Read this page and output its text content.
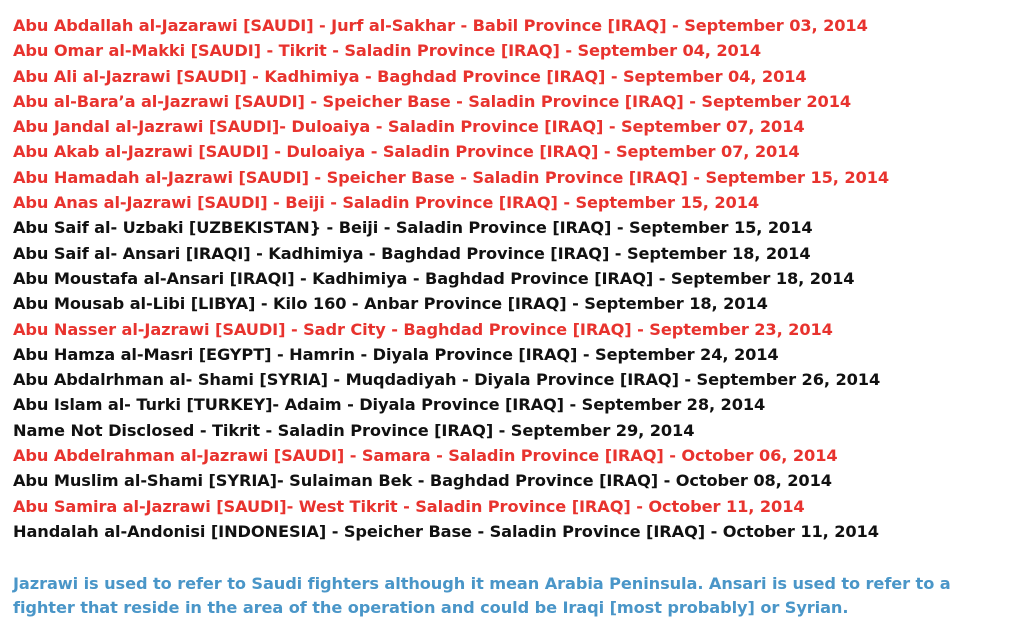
Abu Abdallah al-Jazarawi [SAUDI] - Jurf al-Sakhar - Babil Province [IRAQ] - September 03, 2014
Abu Omar al-Makki [SAUDI] - Tikrit - Saladin Province [IRAQ] - September 04, 2014
Abu Ali al-Jazrawi [SAUDI] - Kadhimiya - Baghdad Province [IRAQ] - September 04, 2014
Abu al-Bara’a al-Jazrawi [SAUDI] - Speicher Base - Saladin Province [IRAQ] - September 2014
Abu Jandal al-Jazrawi [SAUDI]- Duloaiya - Saladin Province [IRAQ] - September 07, 2014
Abu Akab al-Jazrawi [SAUDI] - Duloaiya - Saladin Province [IRAQ] - September 07, 2014
Abu Hamadah al-Jazrawi [SAUDI] - Speicher Base - Saladin Province [IRAQ] - September 15, 2014
Abu Anas al-Jazrawi [SAUDI] - Beiji - Saladin Province [IRAQ] - September 15, 2014
Abu Saif al- Uzbaki [UZBEKISTAN} - Beiji - Saladin Province [IRAQ] - September 15, 2014
Abu Saif al- Ansari [IRAQI] - Kadhimiya - Baghdad Province [IRAQ] - September 18, 2014
Abu Moustafa al-Ansari [IRAQI] - Kadhimiya - Baghdad Province [IRAQ] - September 18, 2014
Abu Mousab al-Libi [LIBYA] - Kilo 160 - Anbar Province [IRAQ] - September 18, 2014
Abu Nasser al-Jazrawi [SAUDI] - Sadr City - Baghdad Province [IRAQ] - September 23, 2014
Abu Hamza al-Masri [EGYPT] - Hamrin - Diyala Province [IRAQ] - September 24, 2014
Abu Abdalrhman al- Shami [SYRIA] - Muqdadiyah - Diyala Province [IRAQ] - September 26, 2014
Abu Islam al- Turki [TURKEY]- Adaim - Diyala Province [IRAQ] - September 28, 2014
Name Not Disclosed - Tikrit - Saladin Province [IRAQ] - September 29, 2014
Abu Abdelrahman al-Jazrawi [SAUDI] - Samara - Saladin Province [IRAQ] - October 06, 2014
Abu Muslim al-Shami [SYRIA]- Sulaiman Bek - Baghdad Province [IRAQ] - October 08, 2014
Abu Samira al-Jazrawi [SAUDI]- West Tikrit - Saladin Province [IRAQ] - October 11, 2014
Handalah al-Andonisi [INDONESIA] - Speicher Base - Saladin Province [IRAQ] - October 11, 2014
Jazrawi is used to refer to Saudi fighters although it mean Arabia Peninsula. Ansari is used to refer to a
fighter that reside in the area of the operation and could be Iraqi [most probably] or Syrian.
